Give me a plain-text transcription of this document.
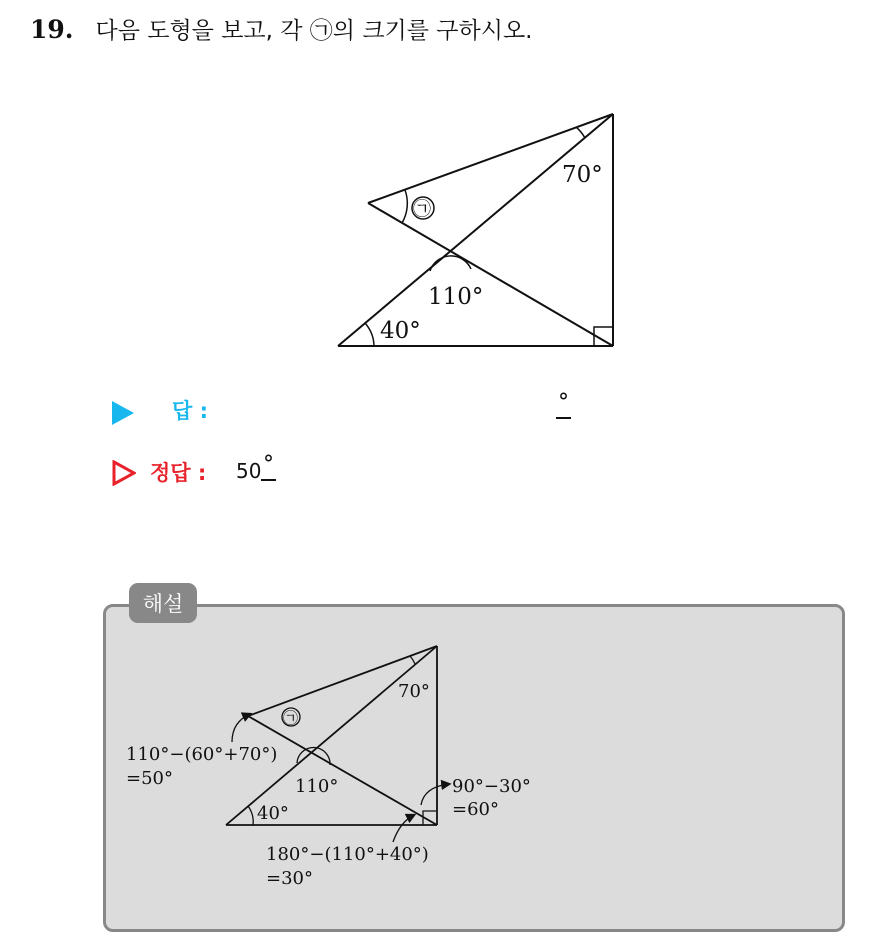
19. 다음 도형을 보고, 각 ㉠의 크기를 구하시오.
70°
㉠
110°
40°
답 :	°
정답 : 50 °
해설
70°
㉠
110°−(60°+70°)
=50°	110°
40°
90°−30°
=60°
180°−(110°+40°)
=30°
